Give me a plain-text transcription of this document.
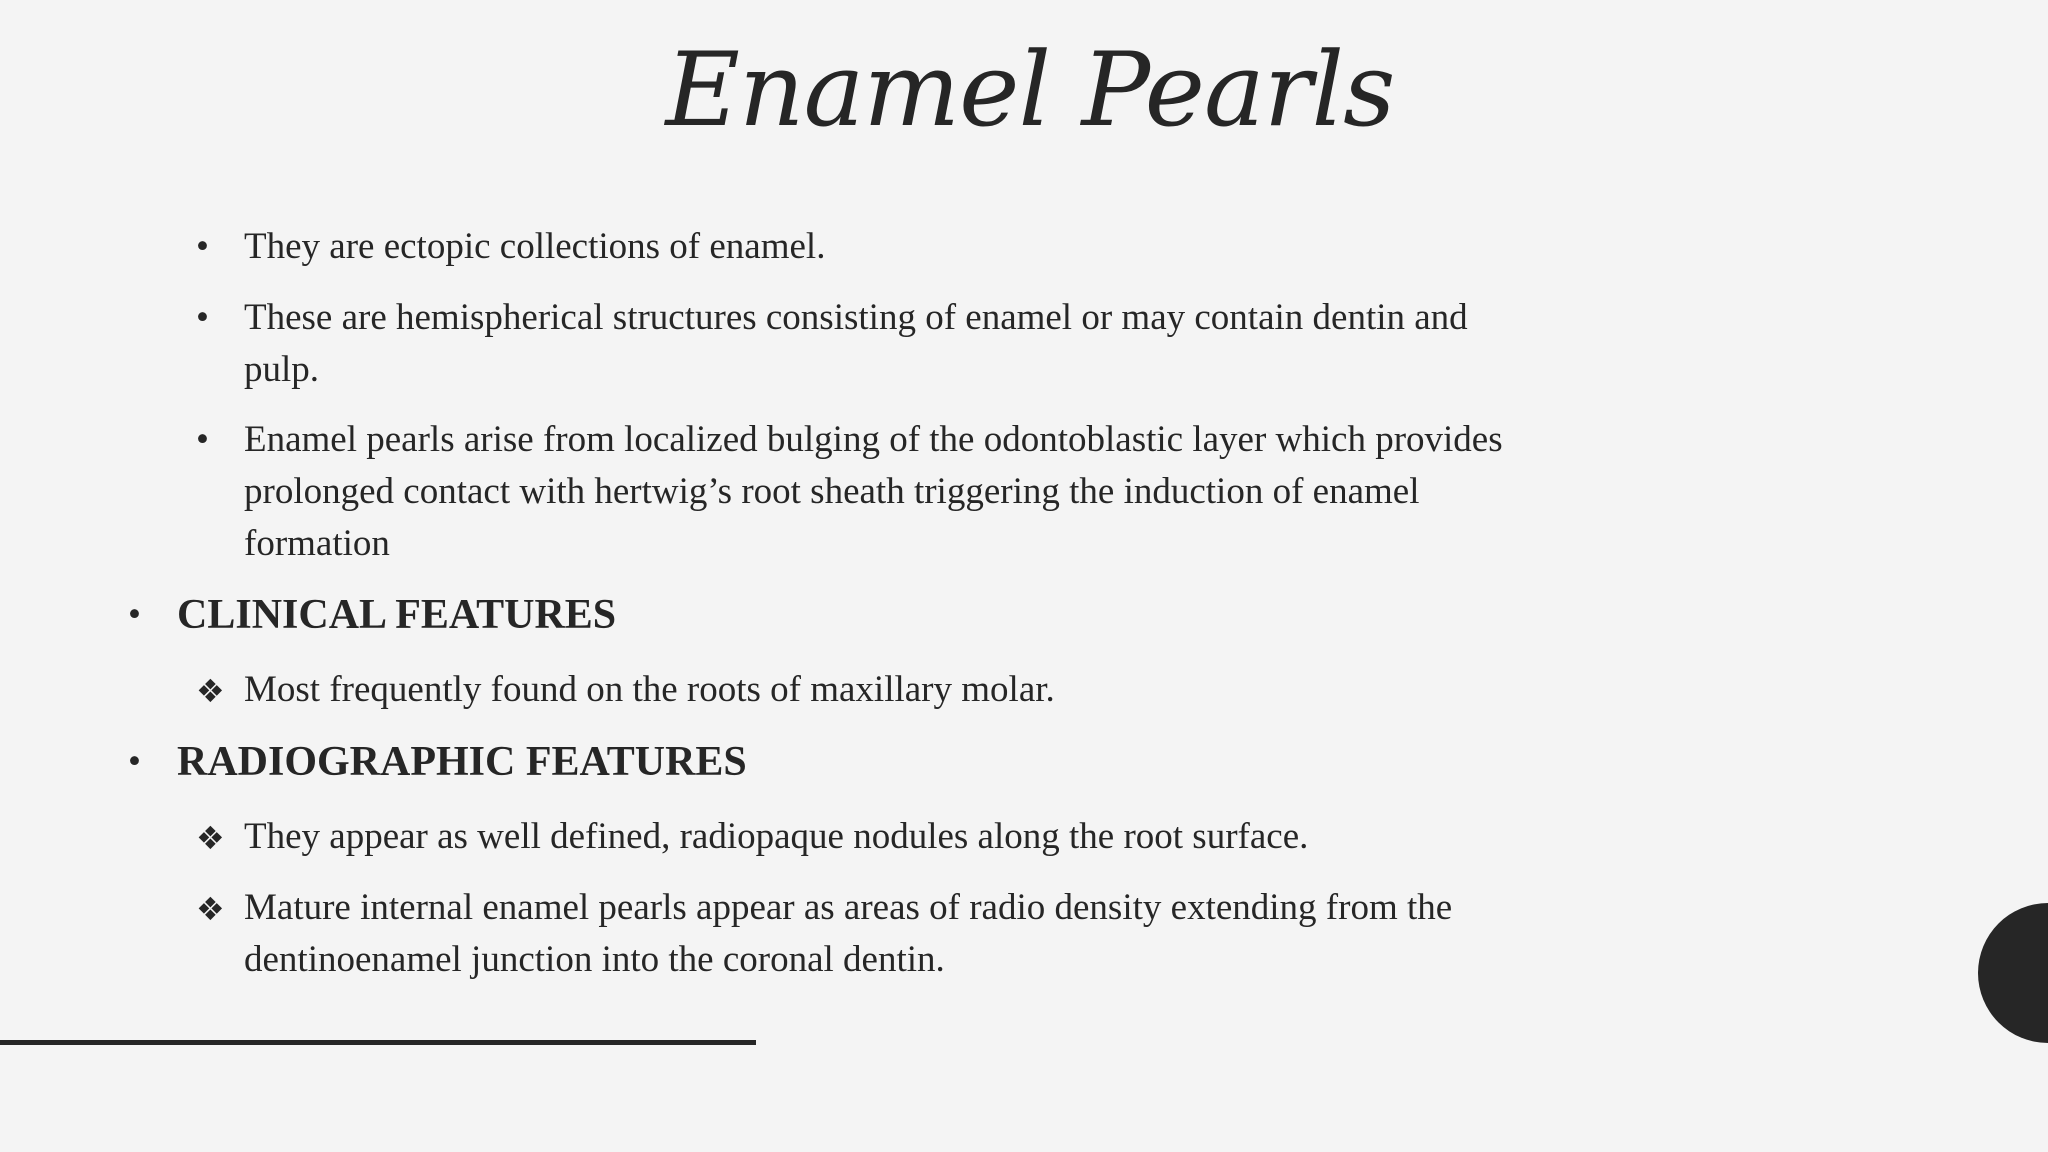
Enamel Pearls
• They are ectopic collections of enamel.
• These are hemispherical structures consisting of enamel or may contain dentin and pulp.
• Enamel pearls arise from localized bulging of the odontoblastic layer which provides prolonged contact with hertwig’s root sheath triggering the induction of enamel formation
• CLINICAL FEATURES
❖ Most frequently found on the roots of maxillary molar.
• RADIOGRAPHIC FEATURES
❖ They appear as well defined, radiopaque nodules along the root surface.
❖ Mature internal enamel pearls appear as areas of radio density extending from the dentinoenamel junction into the coronal dentin.
